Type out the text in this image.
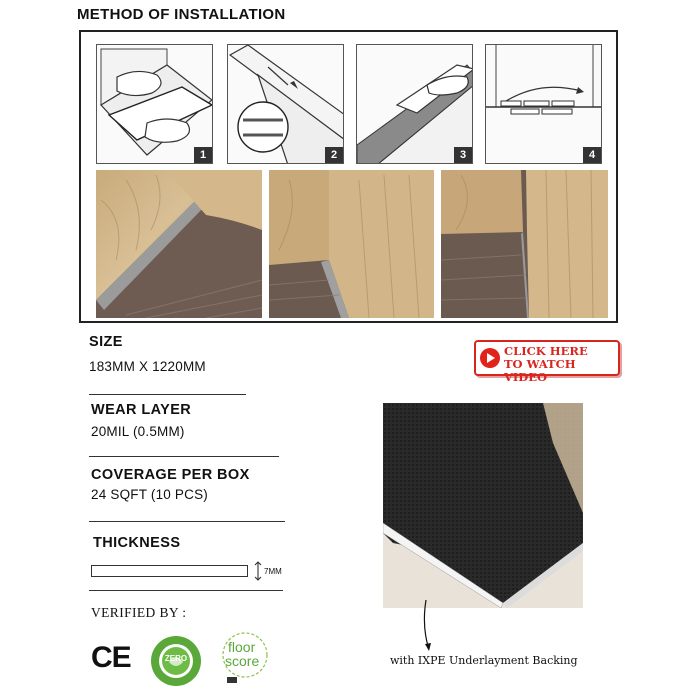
METHOD OF INSTALLATION
1	2	3	4
SIZE
183MM X 1220MM
WEAR LAYER
20MIL (0.5MM)
COVERAGE PER BOX
24 SQFT (10 PCS)
THICKNESS
7MM
CLICK HERE
TO WATCH VIDEO
with IXPE Underlayment Backing
VERIFIED BY :
CE	ZERO
floor
score
